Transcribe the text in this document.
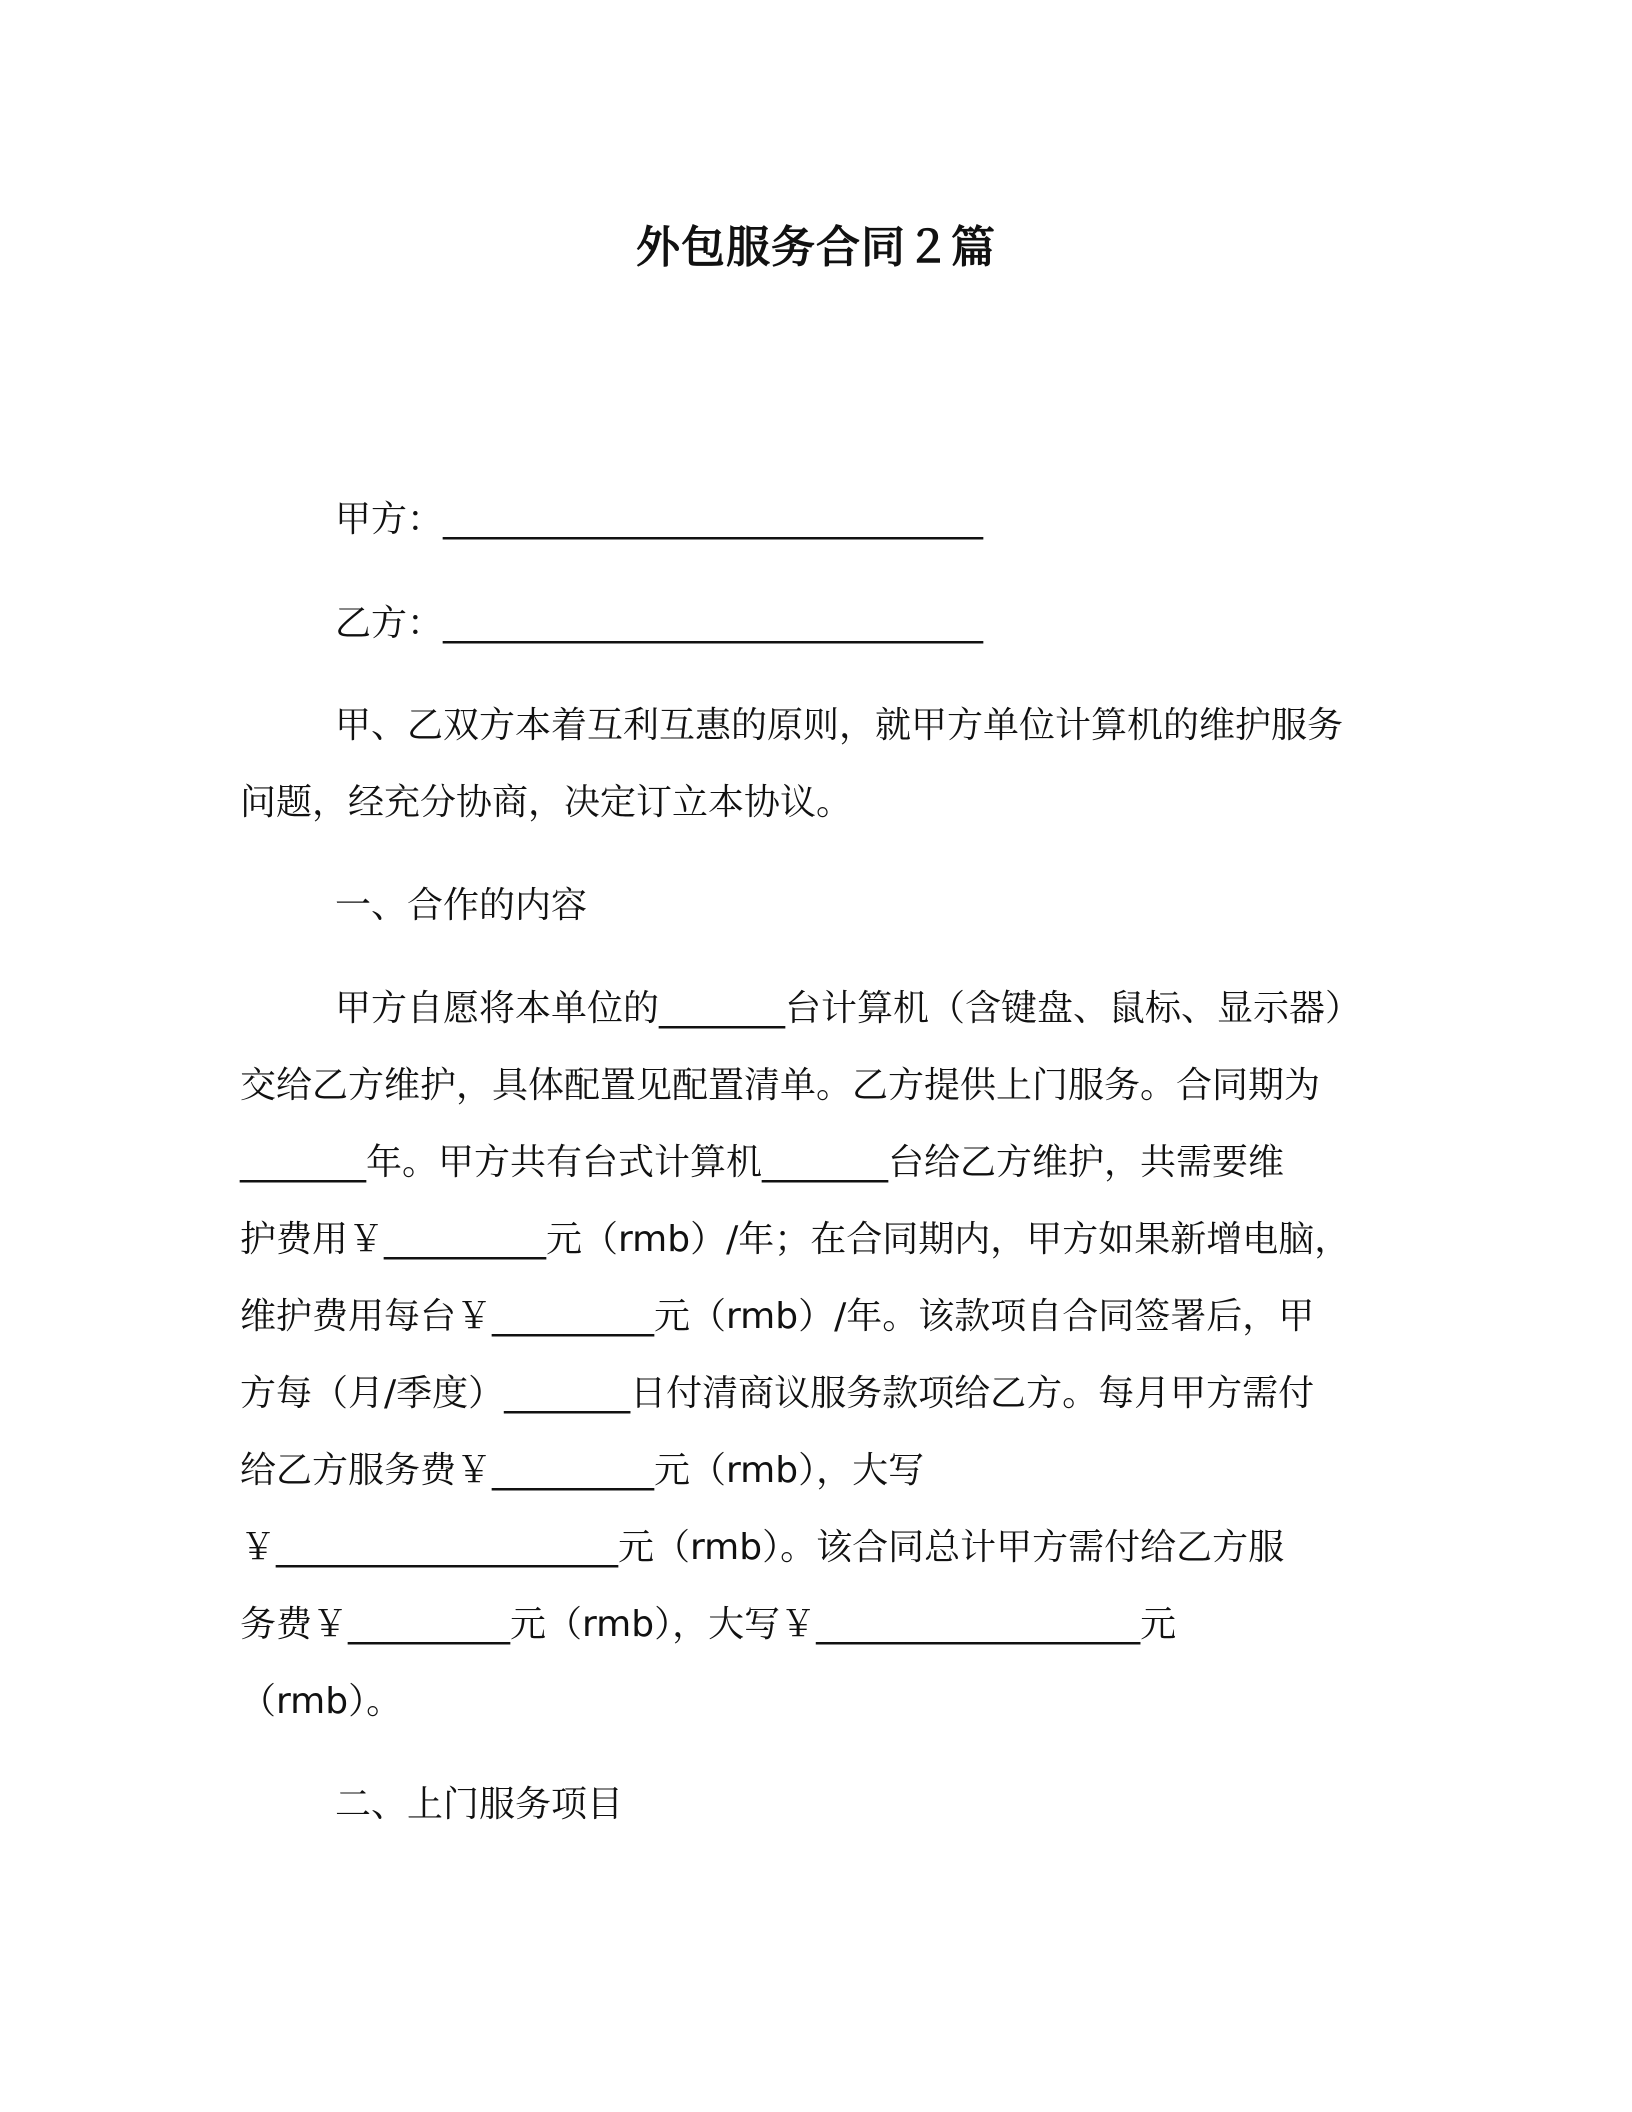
外包服务合同２篇
甲方：______________________________
乙方：______________________________
甲、乙双方本着互利互惠的原则，就甲方单位计算机的维护服务
问题，经充分协商，决定订立本协议。
一、合作的内容
甲方自愿将本单位的_______台计算机（含键盘、鼠标、显示器）
交给乙方维护，具体配置见配置清单。乙方提供上门服务。合同期为
_______年。甲方共有台式计算机_______台给乙方维护，共需要维
护费用￥_________元（rmb）/年；在合同期内，甲方如果新增电脑，
维护费用每台￥_________元（rmb）/年。该款项自合同签署后，甲
方每（月/季度）_______日付清商议服务款项给乙方。每月甲方需付
给乙方服务费￥_________元（rmb），大写
￥___________________元（rmb）。该合同总计甲方需付给乙方服
务费￥_________元（rmb），大写￥__________________元
（rmb）。
二、上门服务项目
